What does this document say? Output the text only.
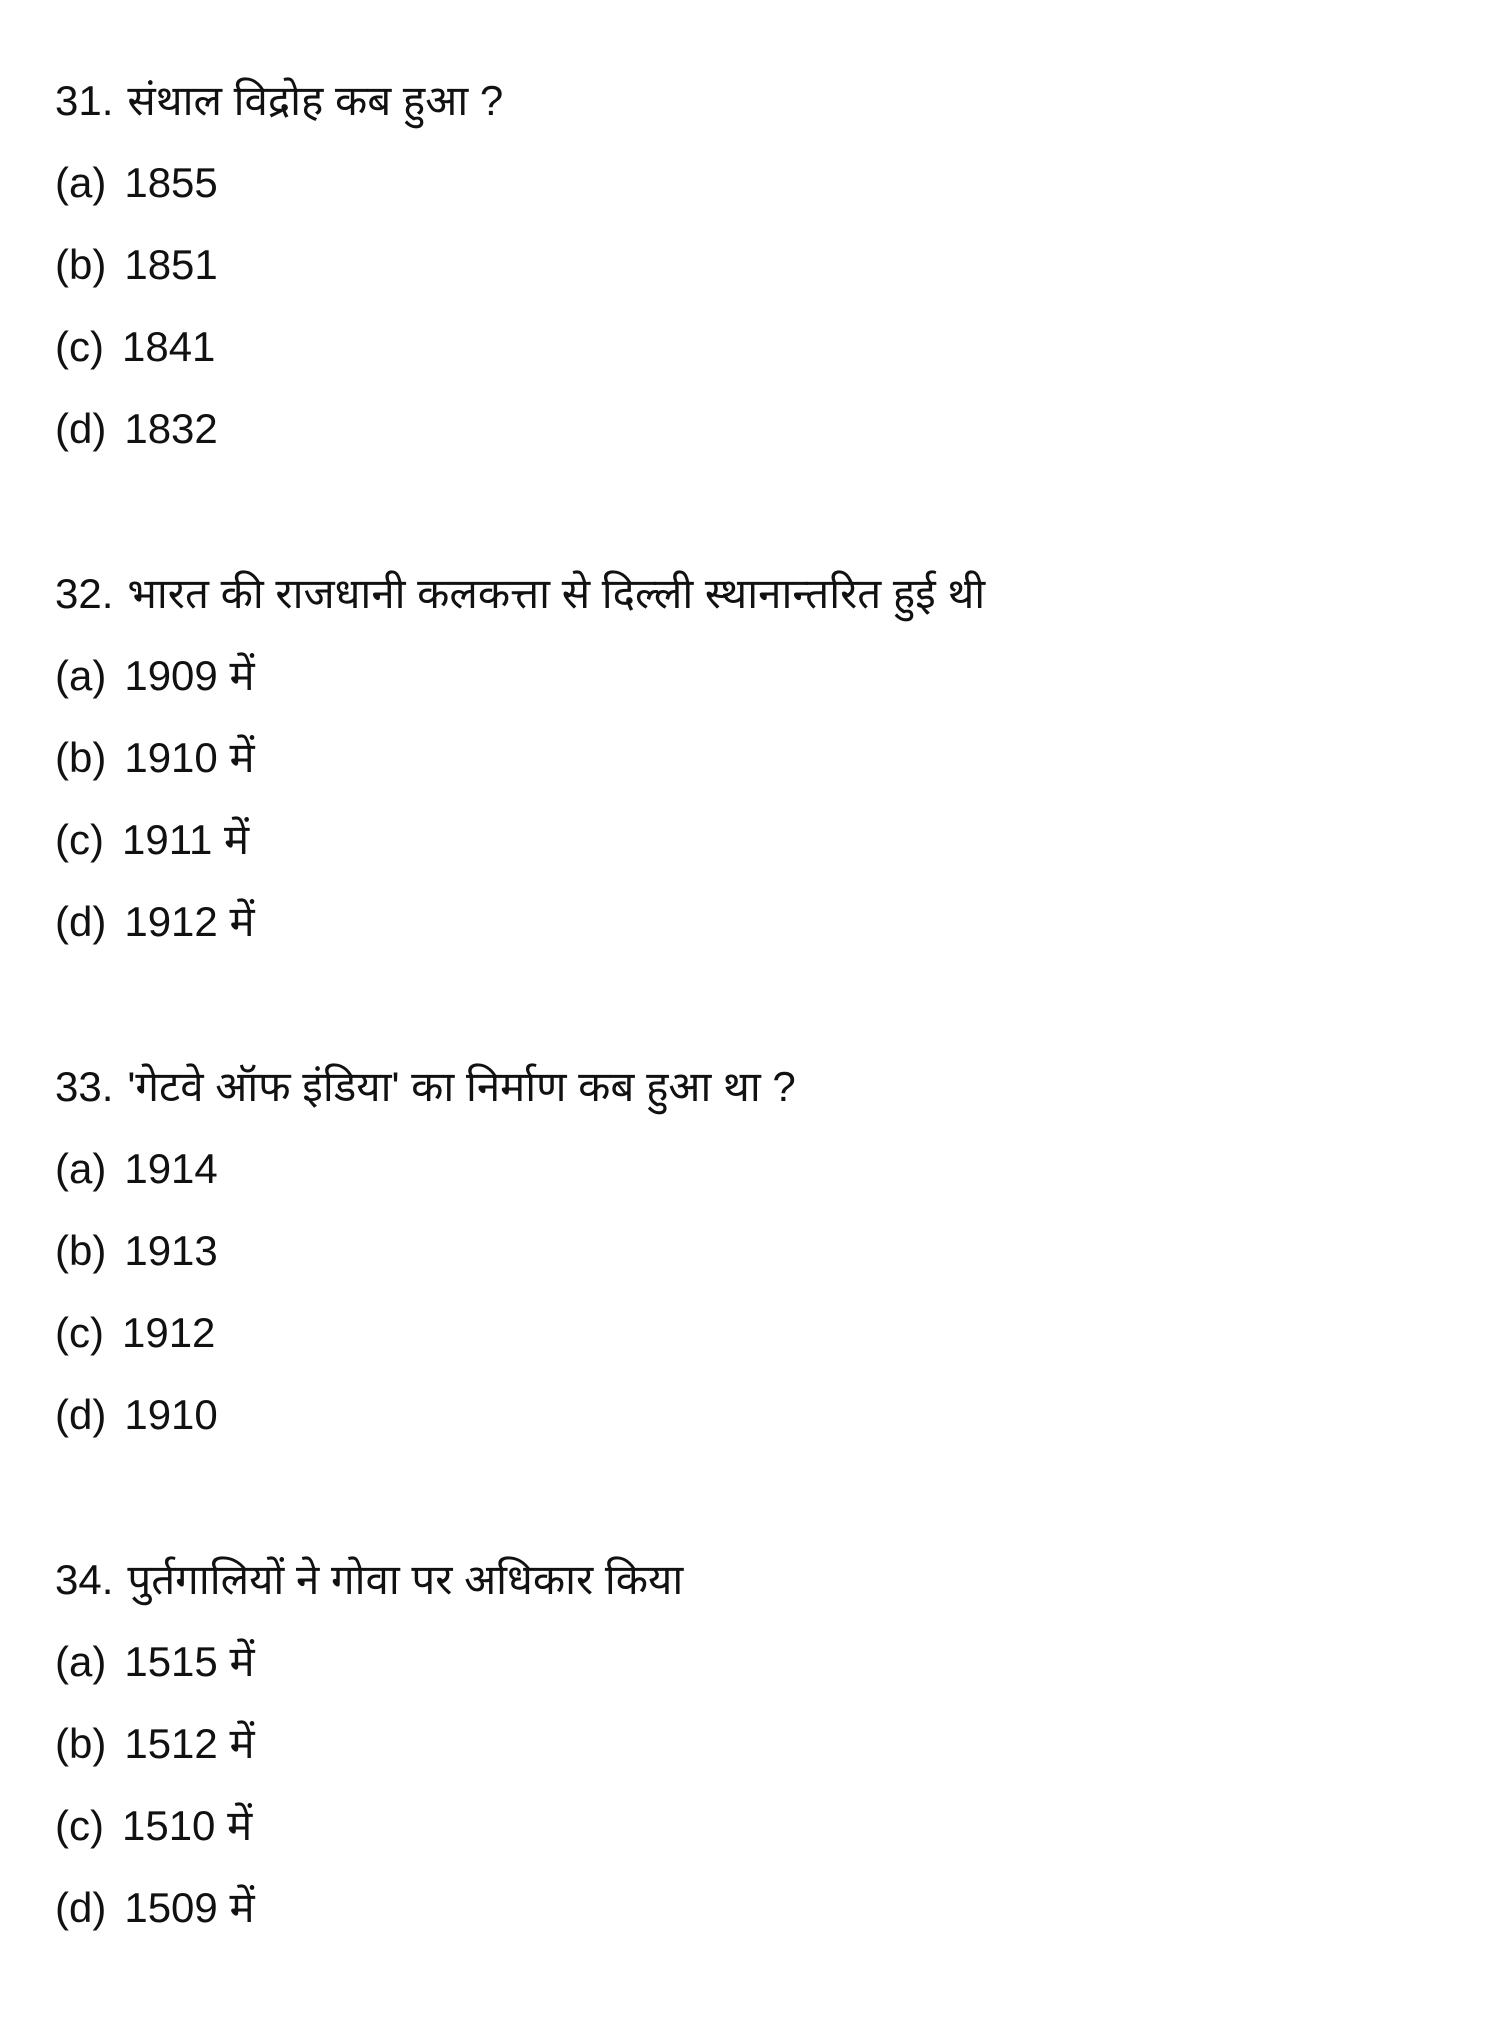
31. संथाल विद्रोह कब हुआ ?
(a) 1855
(b) 1851
(c) 1841
(d) 1832
32. भारत की राजधानी कलकत्ता से दिल्ली स्थानान्तरित हुई थी
(a) 1909 में
(b) 1910 में
(c) 1911 में
(d) 1912 में
33. 'गेटवे ऑफ इंडिया' का निर्माण कब हुआ था ?
(a) 1914
(b) 1913
(c) 1912
(d) 1910
34. पुर्तगालियों ने गोवा पर अधिकार किया
(a) 1515 में
(b) 1512 में
(c) 1510 में
(d) 1509 में
